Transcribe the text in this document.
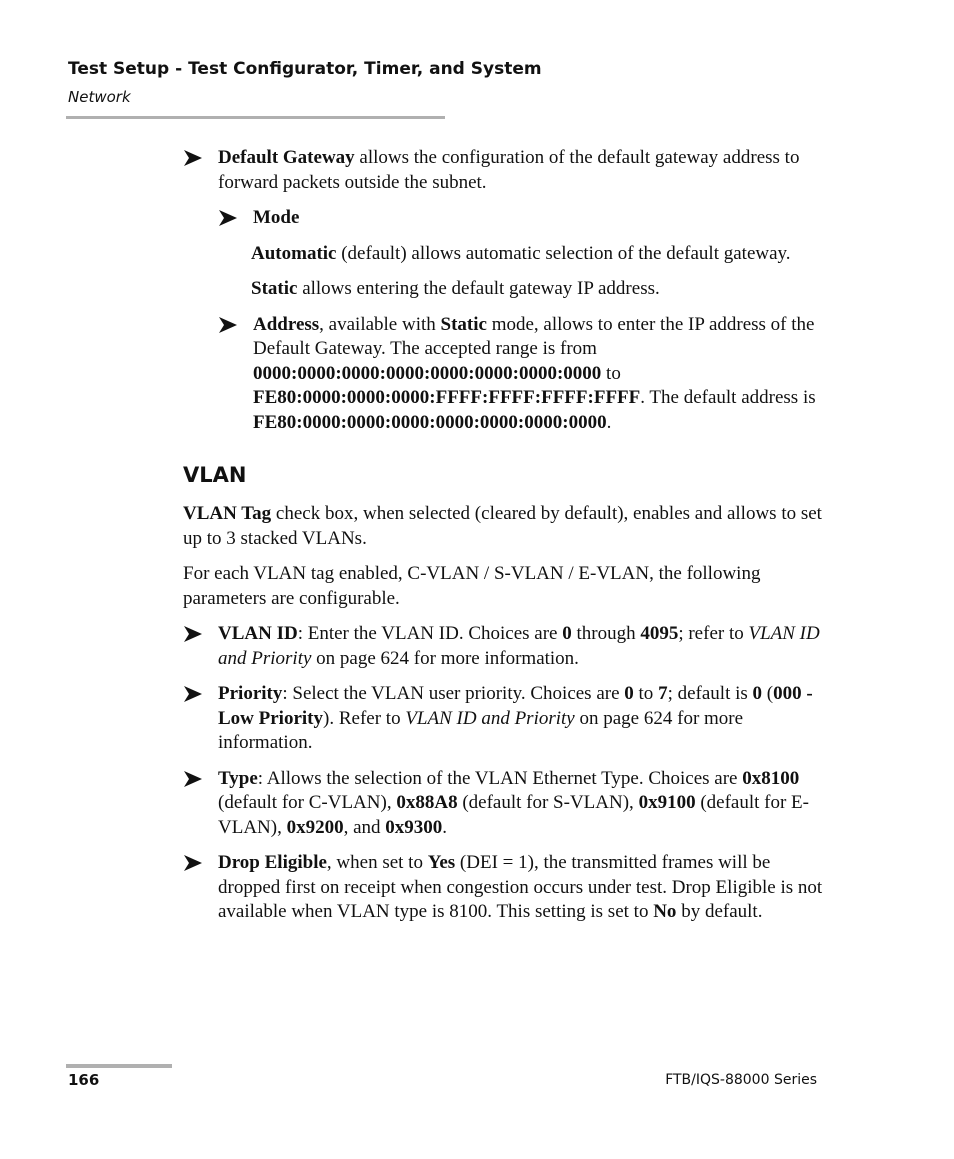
Test Setup - Test Configurator, Timer, and System
Network

Default Gateway allows the configuration of the default gateway address to forward packets outside the subnet.

Mode

Automatic (default) allows automatic selection of the default gateway.

Static allows entering the default gateway IP address.

Address, available with Static mode, allows to enter the IP address of the Default Gateway. The accepted range is from 0000:0000:0000:0000:0000:0000:0000:0000 to FE80:0000:0000:0000:FFFF:FFFF:FFFF:FFFF. The default address is FE80:0000:0000:0000:0000:0000:0000:0000.

VLAN

VLAN Tag check box, when selected (cleared by default), enables and allows to set up to 3 stacked VLANs.

For each VLAN tag enabled, C-VLAN / S-VLAN / E-VLAN, the following parameters are configurable.

VLAN ID: Enter the VLAN ID. Choices are 0 through 4095; refer to VLAN ID and Priority on page 624 for more information.

Priority: Select the VLAN user priority. Choices are 0 to 7; default is 0 (000 - Low Priority). Refer to VLAN ID and Priority on page 624 for more information.

Type: Allows the selection of the VLAN Ethernet Type. Choices are 0x8100 (default for C-VLAN), 0x88A8 (default for S-VLAN), 0x9100 (default for E-VLAN), 0x9200, and 0x9300.

Drop Eligible, when set to Yes (DEI = 1), the transmitted frames will be dropped first on receipt when congestion occurs under test. Drop Eligible is not available when VLAN type is 8100. This setting is set to No by default.

166	FTB/IQS-88000 Series
